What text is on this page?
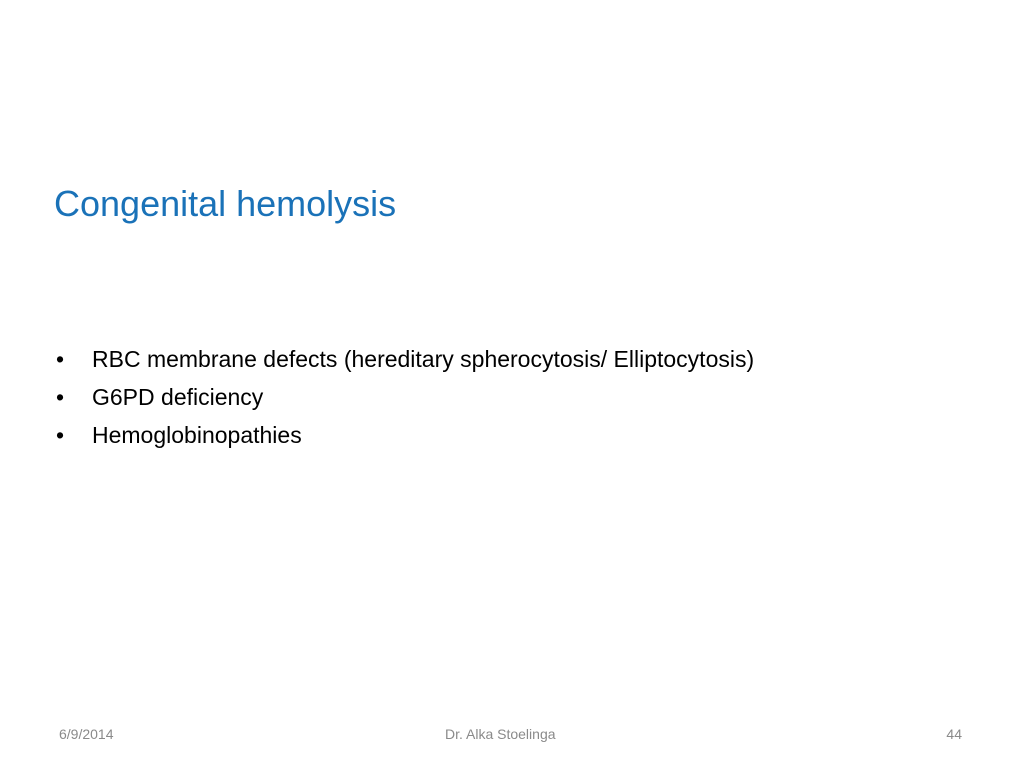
Congenital hemolysis
• RBC membrane defects (hereditary spherocytosis/ Elliptocytosis)
• G6PD deficiency
• Hemoglobinopathies
6/9/2014	Dr. Alka Stoelinga	44
